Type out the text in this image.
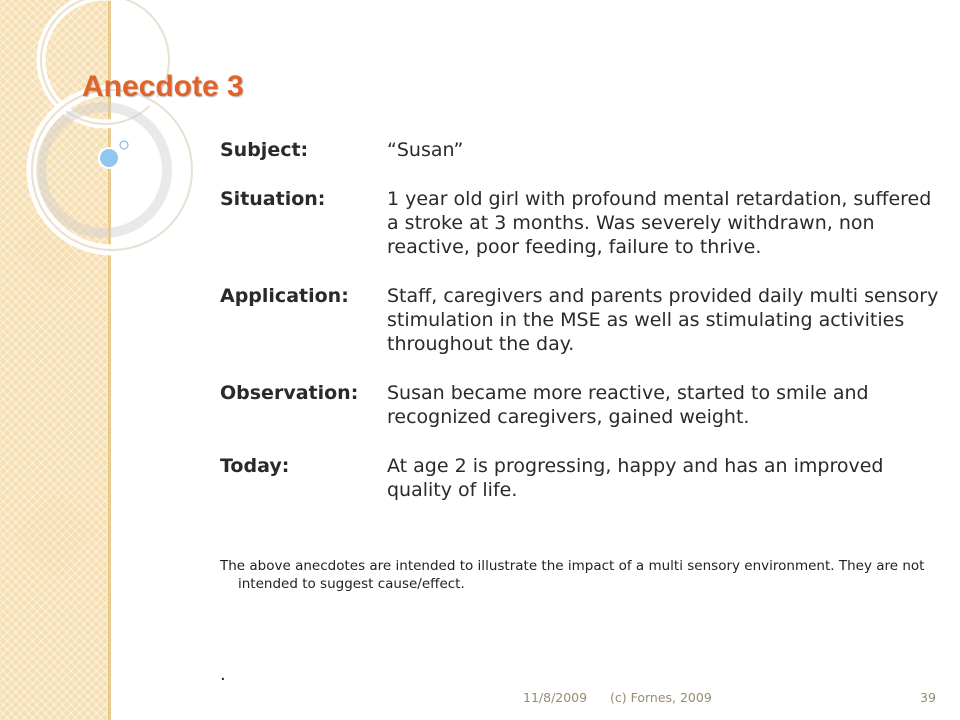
Anecdote 3
Subject:	“Susan”
Situation:	1 year old girl with profound mental retardation, suffered a stroke at 3 months. Was severely withdrawn, non reactive, poor feeding, failure to thrive.
Application:	Staff, caregivers and parents provided daily multi sensory stimulation in the MSE as well as stimulating activities throughout the day.
Observation:	Susan became more reactive, started to smile and recognized caregivers, gained weight.
Today:	At age 2 is progressing, happy and has an improved quality of life.
The above anecdotes are intended to illustrate the impact of a multi sensory environment. They are not intended to suggest cause/effect.
.
11/8/2009 (c) Fornes, 2009	39
